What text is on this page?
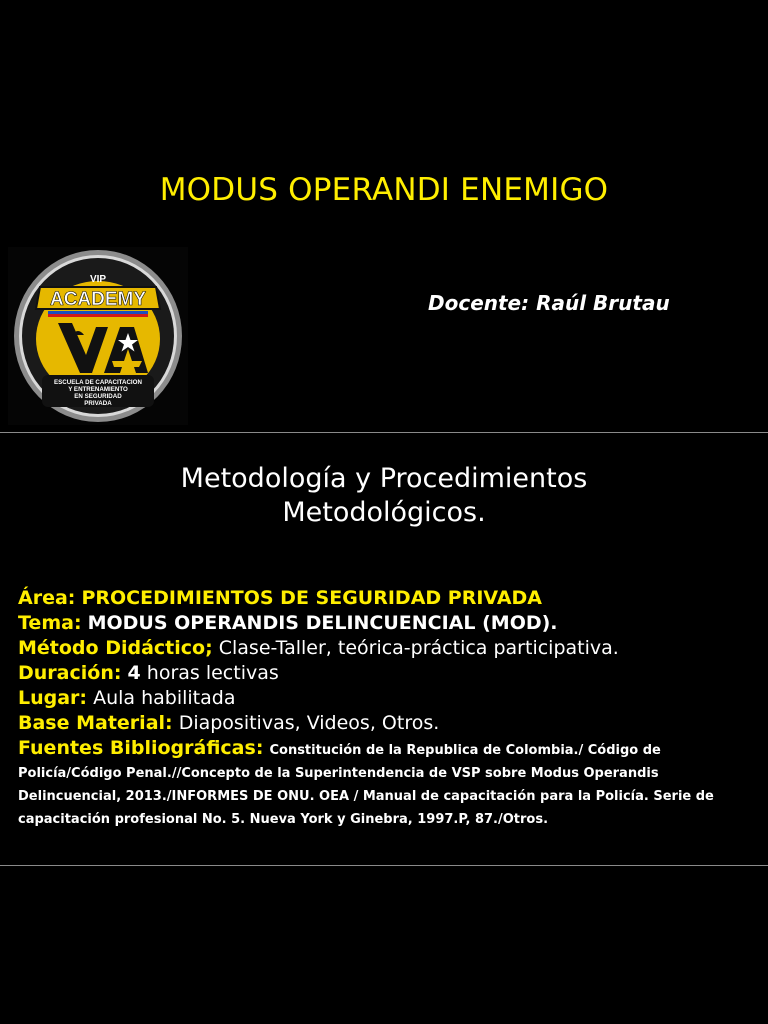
MODUS OPERANDI ENEMIGO
VIP
ACADEMY
ESCUELA DE CAPACITACION
Y ENTRENAMIENTO
EN SEGURIDAD
PRIVADA
Docente: Raúl Brutau
Metodología y Procedimientos
Metodológicos.
Área: PROCEDIMIENTOS DE SEGURIDAD PRIVADA
Tema: MODUS OPERANDIS DELINCUENCIAL (MOD).
Método Didáctico; Clase-Taller, teórica-práctica participativa.
Duración: 4 horas lectivas
Lugar: Aula habilitada
Base Material: Diapositivas, Videos, Otros.
Fuentes Bibliográficas: Constitución de la Republica de Colombia./ Código de Policía/Código Penal.//Concepto de la Superintendencia de VSP sobre Modus Operandis Delincuencial, 2013./INFORMES DE ONU. OEA / Manual de capacitación para la Policía. Serie de capacitación profesional No. 5. Nueva York y Ginebra, 1997.P, 87./Otros.
